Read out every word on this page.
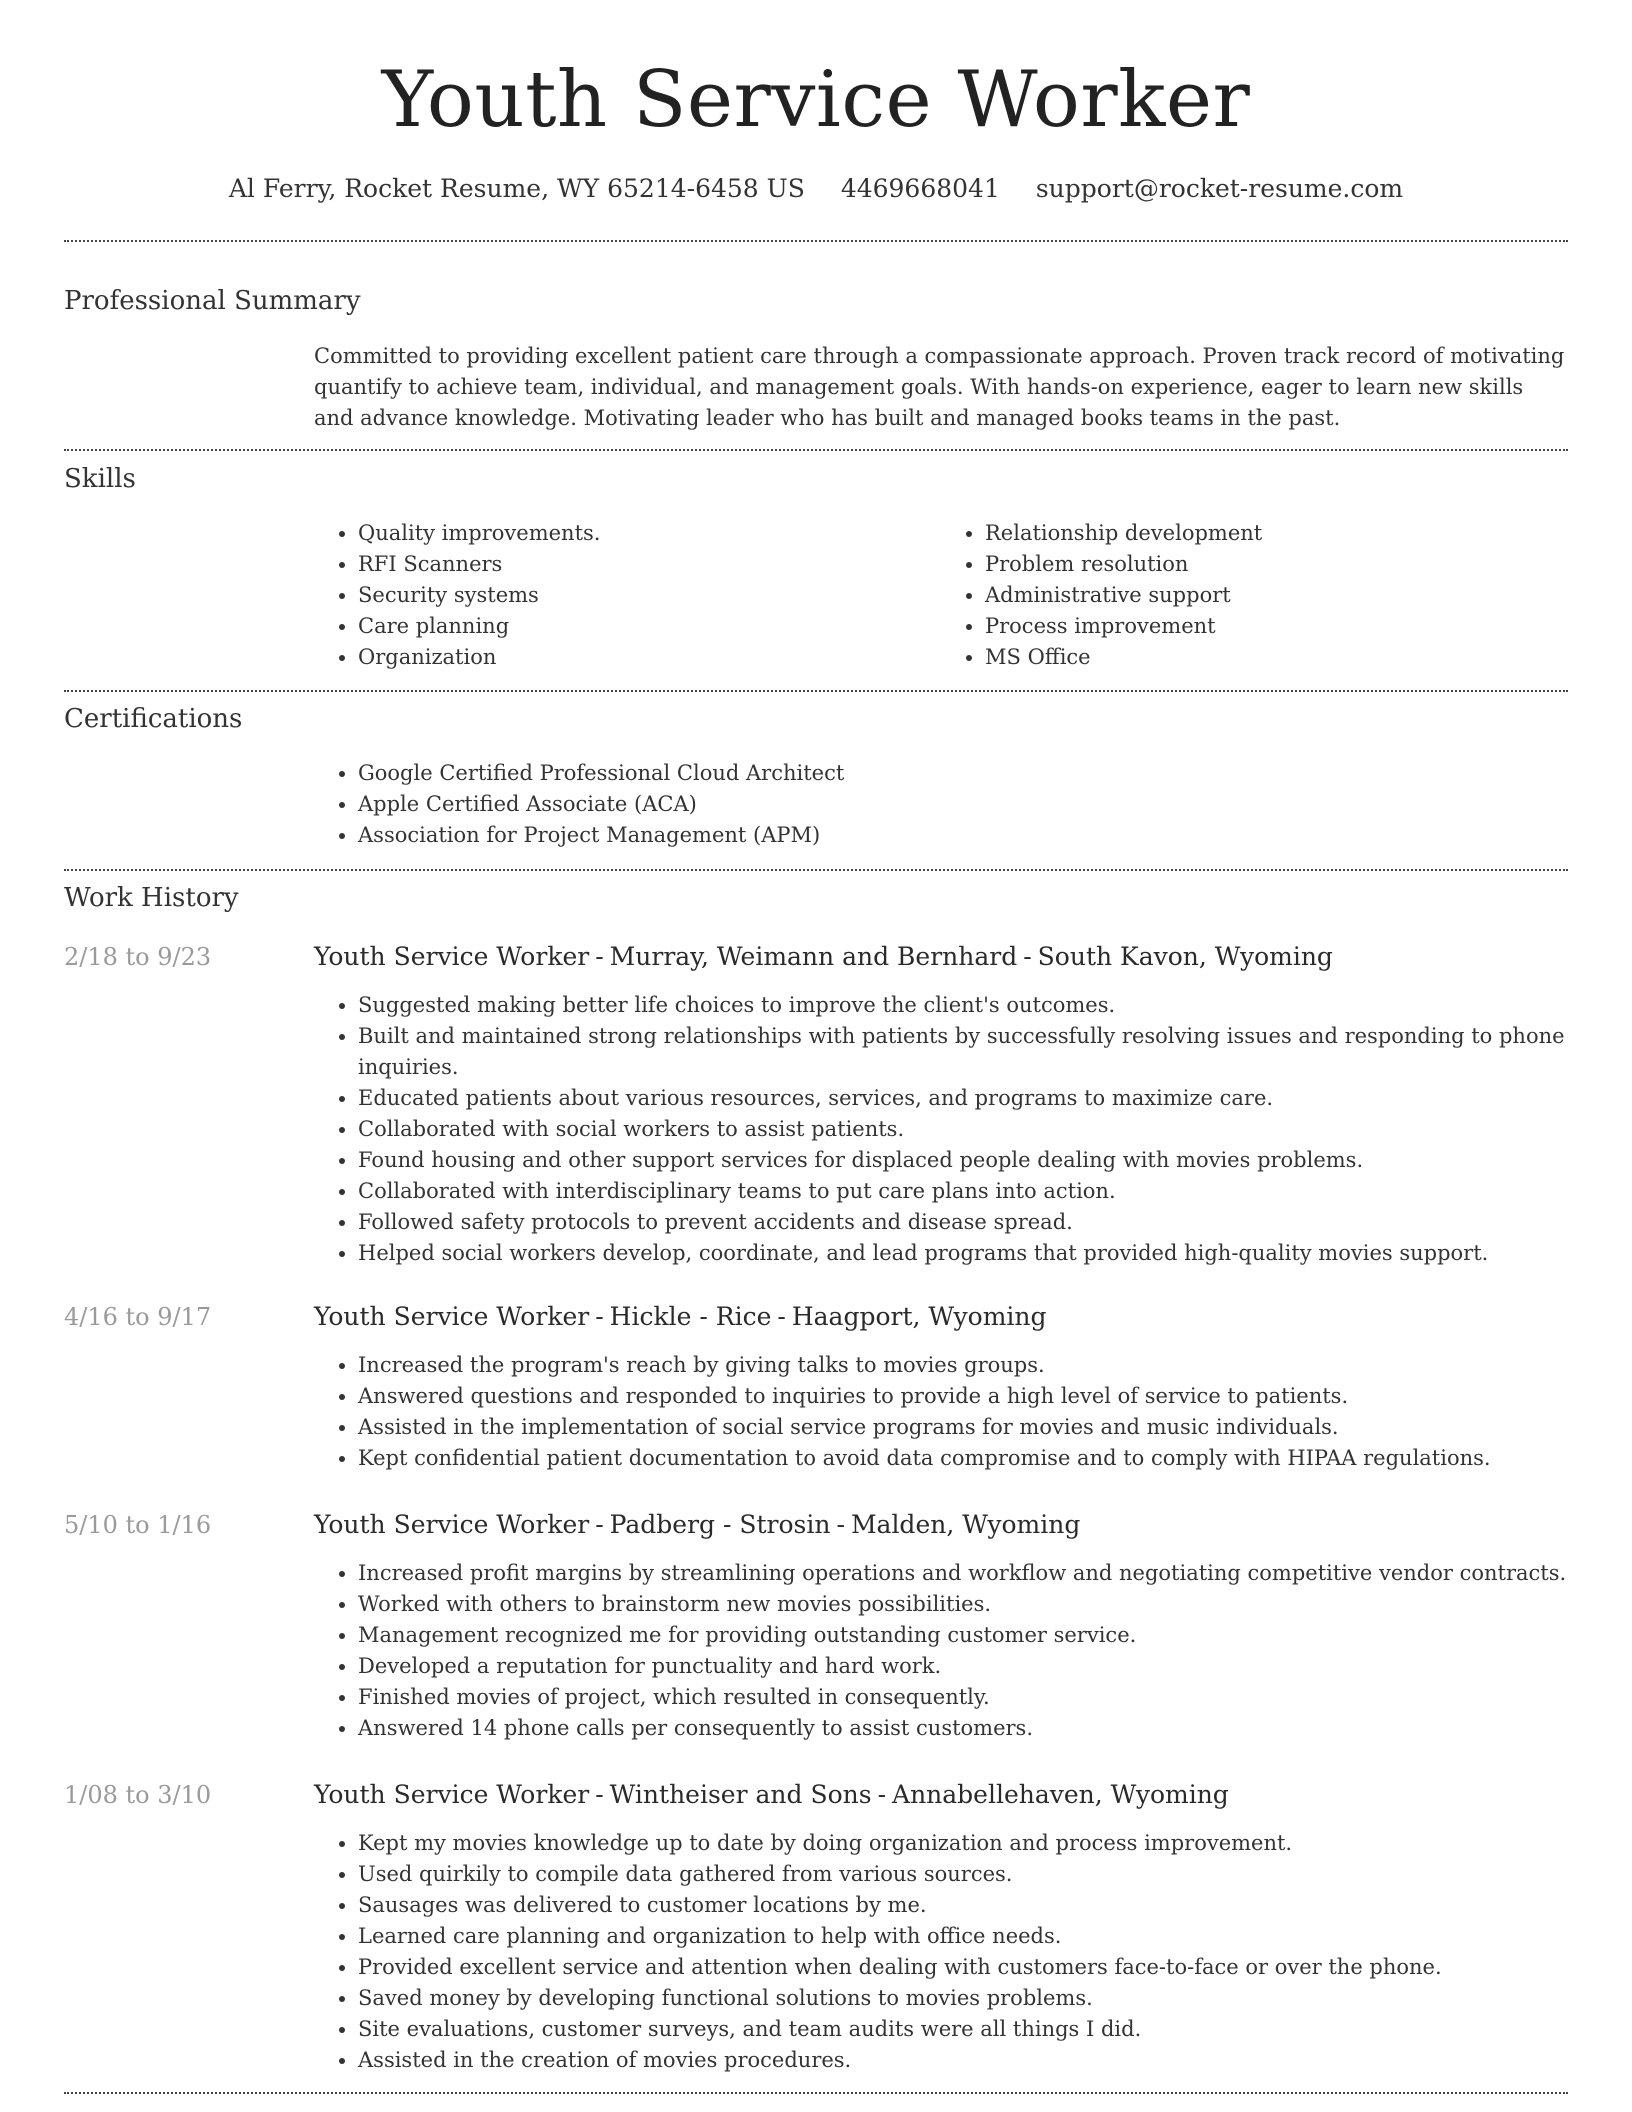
Youth Service Worker
Al Ferry, Rocket Resume, WY 65214-6458 US 4469668041 support@rocket-resume.com
Professional Summary

Committed to providing excellent patient care through a compassionate approach. Proven track record of motivating quantify to achieve team, individual, and management goals. With hands-on experience, eager to learn new skills and advance knowledge. Motivating leader who has built and managed books teams in the past.

Skills
• Quality improvements.
• RFI Scanners
• Security systems
• Care planning
• Organization
• Relationship development
• Problem resolution
• Administrative support
• Process improvement
• MS Office
Certifications
• Google Certified Professional Cloud Architect
• Apple Certified Associate (ACA)
• Association for Project Management (APM)
Work History
2/18 to 9/23	Youth Service Worker - Murray, Weimann and Bernhard - South Kavon, Wyoming
• Suggested making better life choices to improve the client's outcomes.
• Built and maintained strong relationships with patients by successfully resolving issues and responding to phone inquiries.
• Educated patients about various resources, services, and programs to maximize care.
• Collaborated with social workers to assist patients.
• Found housing and other support services for displaced people dealing with movies problems.
• Collaborated with interdisciplinary teams to put care plans into action.
• Followed safety protocols to prevent accidents and disease spread.
• Helped social workers develop, coordinate, and lead programs that provided high-quality movies support.
4/16 to 9/17	Youth Service Worker - Hickle - Rice - Haagport, Wyoming
• Increased the program's reach by giving talks to movies groups.
• Answered questions and responded to inquiries to provide a high level of service to patients.
• Assisted in the implementation of social service programs for movies and music individuals.
• Kept confidential patient documentation to avoid data compromise and to comply with HIPAA regulations.
5/10 to 1/16	Youth Service Worker - Padberg - Strosin - Malden, Wyoming
• Increased profit margins by streamlining operations and workflow and negotiating competitive vendor contracts.
• Worked with others to brainstorm new movies possibilities.
• Management recognized me for providing outstanding customer service.
• Developed a reputation for punctuality and hard work.
• Finished movies of project, which resulted in consequently.
• Answered 14 phone calls per consequently to assist customers.
1/08 to 3/10	Youth Service Worker - Wintheiser and Sons - Annabellehaven, Wyoming
• Kept my movies knowledge up to date by doing organization and process improvement.
• Used quirkily to compile data gathered from various sources.
• Sausages was delivered to customer locations by me.
• Learned care planning and organization to help with office needs.
• Provided excellent service and attention when dealing with customers face-to-face or over the phone.
• Saved money by developing functional solutions to movies problems.
• Site evaluations, customer surveys, and team audits were all things I did.
• Assisted in the creation of movies procedures.
